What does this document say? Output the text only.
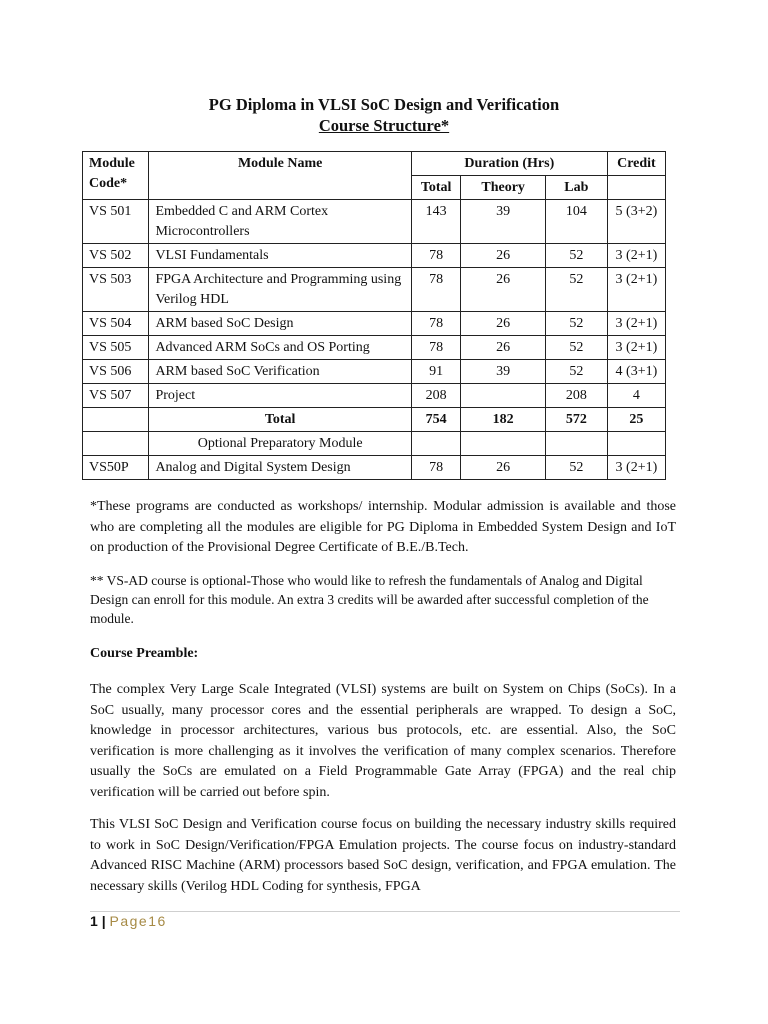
PG Diploma in VLSI SoC Design and Verification
Course Structure*
Module Code*	Module Name	Duration (Hrs)			Credit
		Total	Theory	Lab	
VS 501	Embedded C and ARM Cortex Microcontrollers	143	39	104	5 (3+2)
VS 502	VLSI Fundamentals	78	26	52	3 (2+1)
VS 503	FPGA Architecture and Programming using Verilog HDL	78	26	52	3 (2+1)
VS 504	ARM based SoC Design	78	26	52	3 (2+1)
VS 505	Advanced ARM SoCs and OS Porting	78	26	52	3 (2+1)
VS 506	ARM based SoC Verification	91	39	52	4 (3+1)
VS 507	Project	208		208	4
	Total	754	182	572	25
	Optional Preparatory Module				
VS50P	Analog and Digital System Design	78	26	52	3 (2+1)
*These programs are conducted as workshops/ internship. Modular admission is available and those who are completing all the modules are eligible for PG Diploma in Embedded System Design and IoT on production of the Provisional Degree Certificate of B.E./B.Tech.
** VS-AD course is optional-Those who would like to refresh the fundamentals of Analog and Digital Design can enroll for this module. An extra 3 credits will be awarded after successful completion of the module.
Course Preamble:
The complex Very Large Scale Integrated (VLSI) systems are built on System on Chips (SoCs). In a SoC usually, many processor cores and the essential peripherals are wrapped. To design a SoC, knowledge in processor architectures, various bus protocols, etc. are essential. Also, the SoC verification is more challenging as it involves the verification of many complex scenarios. Therefore usually the SoCs are emulated on a Field Programmable Gate Array (FPGA) and the real chip verification will be carried out before spin.
This VLSI SoC Design and Verification course focus on building the necessary industry skills required to work in SoC Design/Verification/FPGA Emulation projects. The course focus on industry-standard Advanced RISC Machine (ARM) processors based SoC design, verification, and FPGA emulation. The necessary skills (Verilog HDL Coding for synthesis, FPGA
1 | Page16
